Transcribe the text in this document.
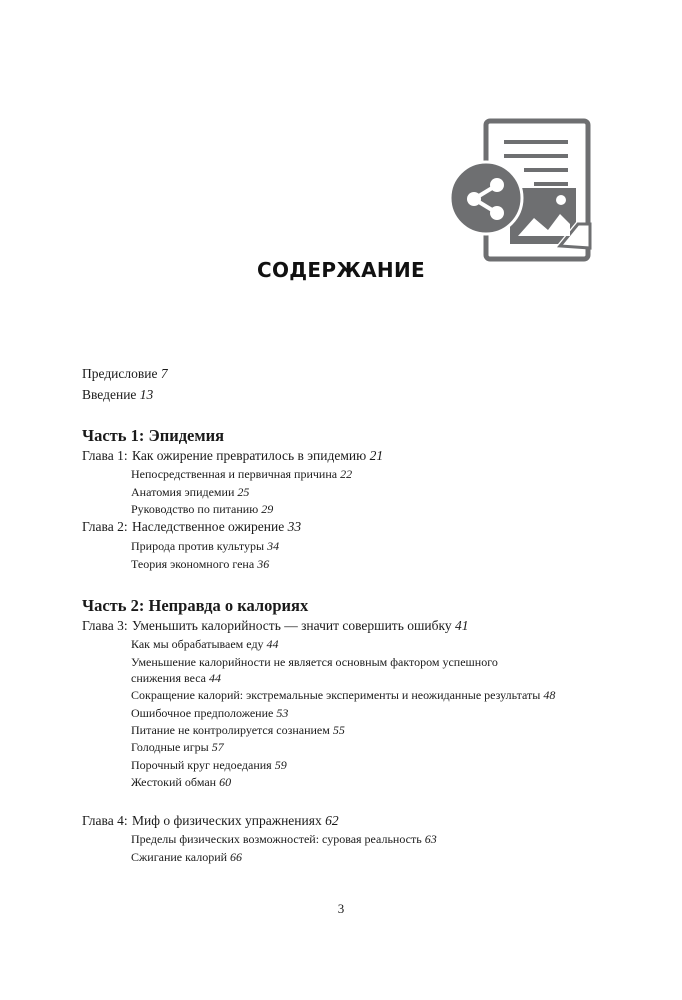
СОДЕРЖАНИЕ
Предисловие 7
Введение 13
Часть 1: Эпидемия
Глава 1: Как ожирение превратилось в эпидемию 21
Непосредственная и первичная причина 22
Анатомия эпидемии 25
Руководство по питанию 29
Глава 2: Наследственное ожирение 33
Природа против культуры 34
Теория экономного гена 36
Часть 2: Неправда о калориях
Глава 3: Уменьшить калорийность — значит совершить ошибку 41
Как мы обрабатываем еду 44
Уменьшение калорийности не является основным фактором успешного
снижения веса 44
Сокращение калорий: экстремальные эксперименты и неожиданные результаты 48
Ошибочное предположение 53
Питание не контролируется сознанием 55
Голодные игры 57
Порочный круг недоедания 59
Жестокий обман 60
Глава 4: Миф о физических упражнениях 62
Пределы физических возможностей: суровая реальность 63
Сжигание калорий 66
3
